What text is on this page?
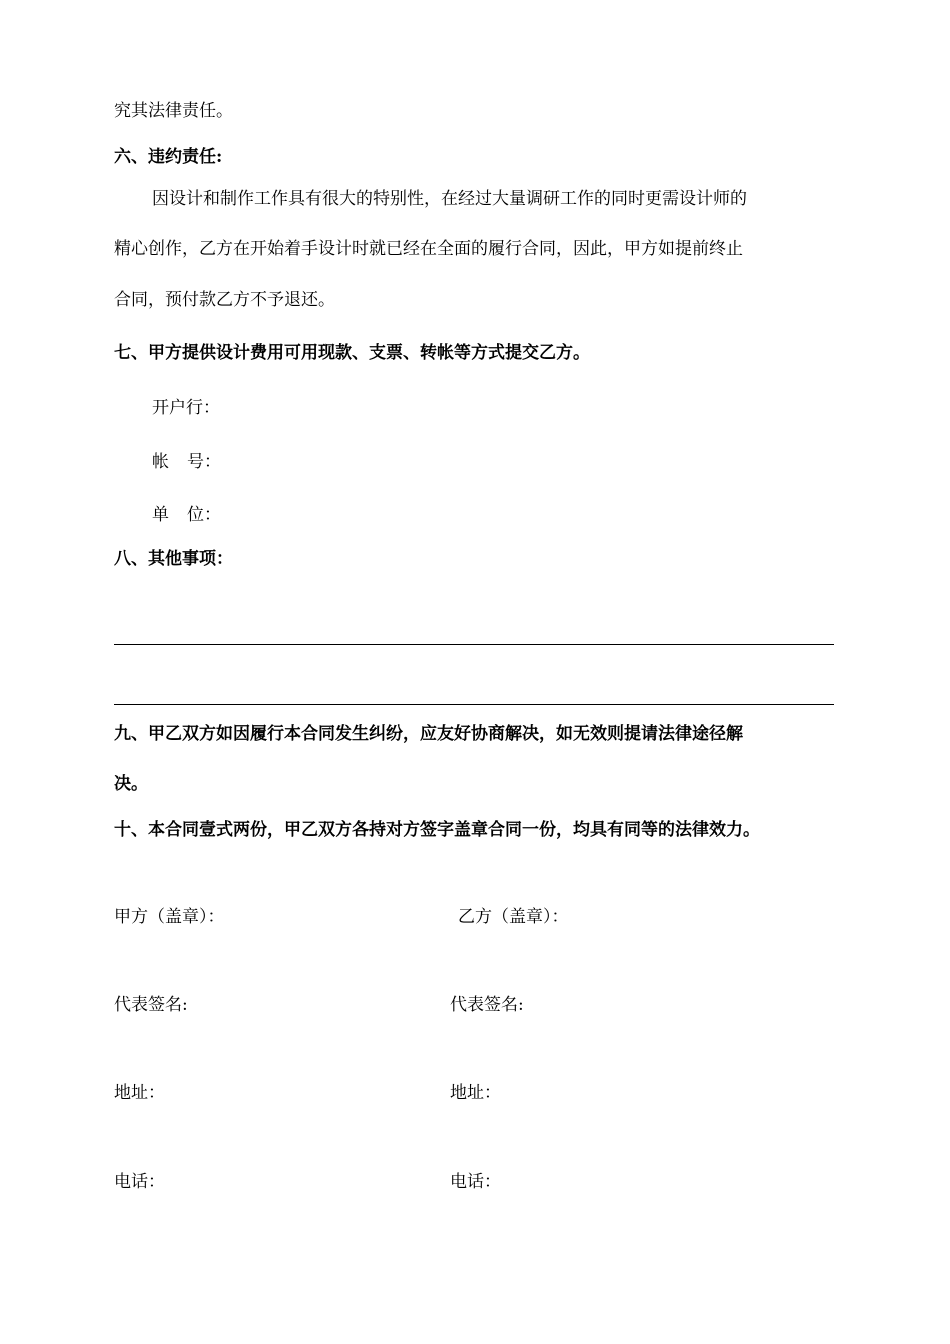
究其法律责任。
六、违约责任:
因设计和制作工作具有很大的特别性，在经过大量调研工作的同时更需设计师的
精心创作，乙方在开始着手设计时就已经在全面的履行合同，因此，甲方如提前终止
合同，预付款乙方不予退还。
七、甲方提供设计费用可用现款、支票、转帐等方式提交乙方。
开户行：
帐 号：
单 位：
八、其他事项：
九、甲乙双方如因履行本合同发生纠纷，应友好协商解决，如无效则提请法律途径解
决。
十、本合同壹式两份，甲乙双方各持对方签字盖章合同一份，均具有同等的法律效力。
甲方（盖章）：	乙方（盖章）：
代表签名:	代表签名:
地址：	地址：
电话：	电话：
